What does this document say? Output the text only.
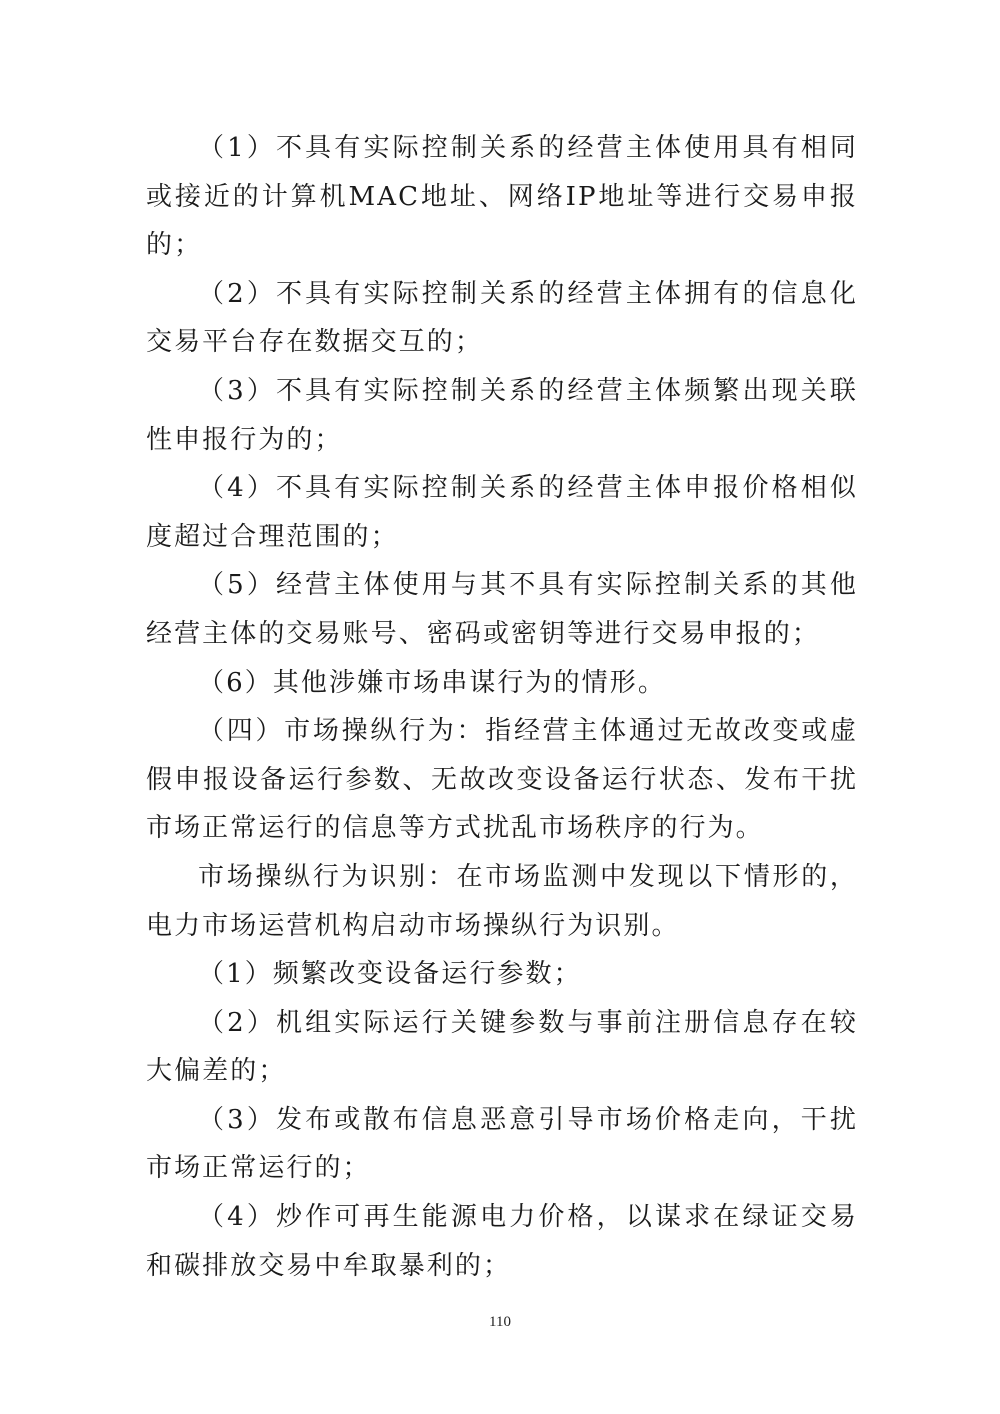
（1）不具有实际控制关系的经营主体使用具有相同或接近的计算机MAC地址、网络IP地址等进行交易申报的；

（2）不具有实际控制关系的经营主体拥有的信息化交易平台存在数据交互的；

（3）不具有实际控制关系的经营主体频繁出现关联性申报行为的；

（4）不具有实际控制关系的经营主体申报价格相似度超过合理范围的；

（5）经营主体使用与其不具有实际控制关系的其他经营主体的交易账号、密码或密钥等进行交易申报的；

（6）其他涉嫌市场串谋行为的情形。

（四）市场操纵行为：指经营主体通过无故改变或虚假申报设备运行参数、无故改变设备运行状态、发布干扰市场正常运行的信息等方式扰乱市场秩序的行为。

市场操纵行为识别：在市场监测中发现以下情形的，电力市场运营机构启动市场操纵行为识别。

（1）频繁改变设备运行参数；

（2）机组实际运行关键参数与事前注册信息存在较大偏差的；

（3）发布或散布信息恶意引导市场价格走向，干扰市场正常运行的；

（4）炒作可再生能源电力价格，以谋求在绿证交易和碳排放交易中牟取暴利的；

110
